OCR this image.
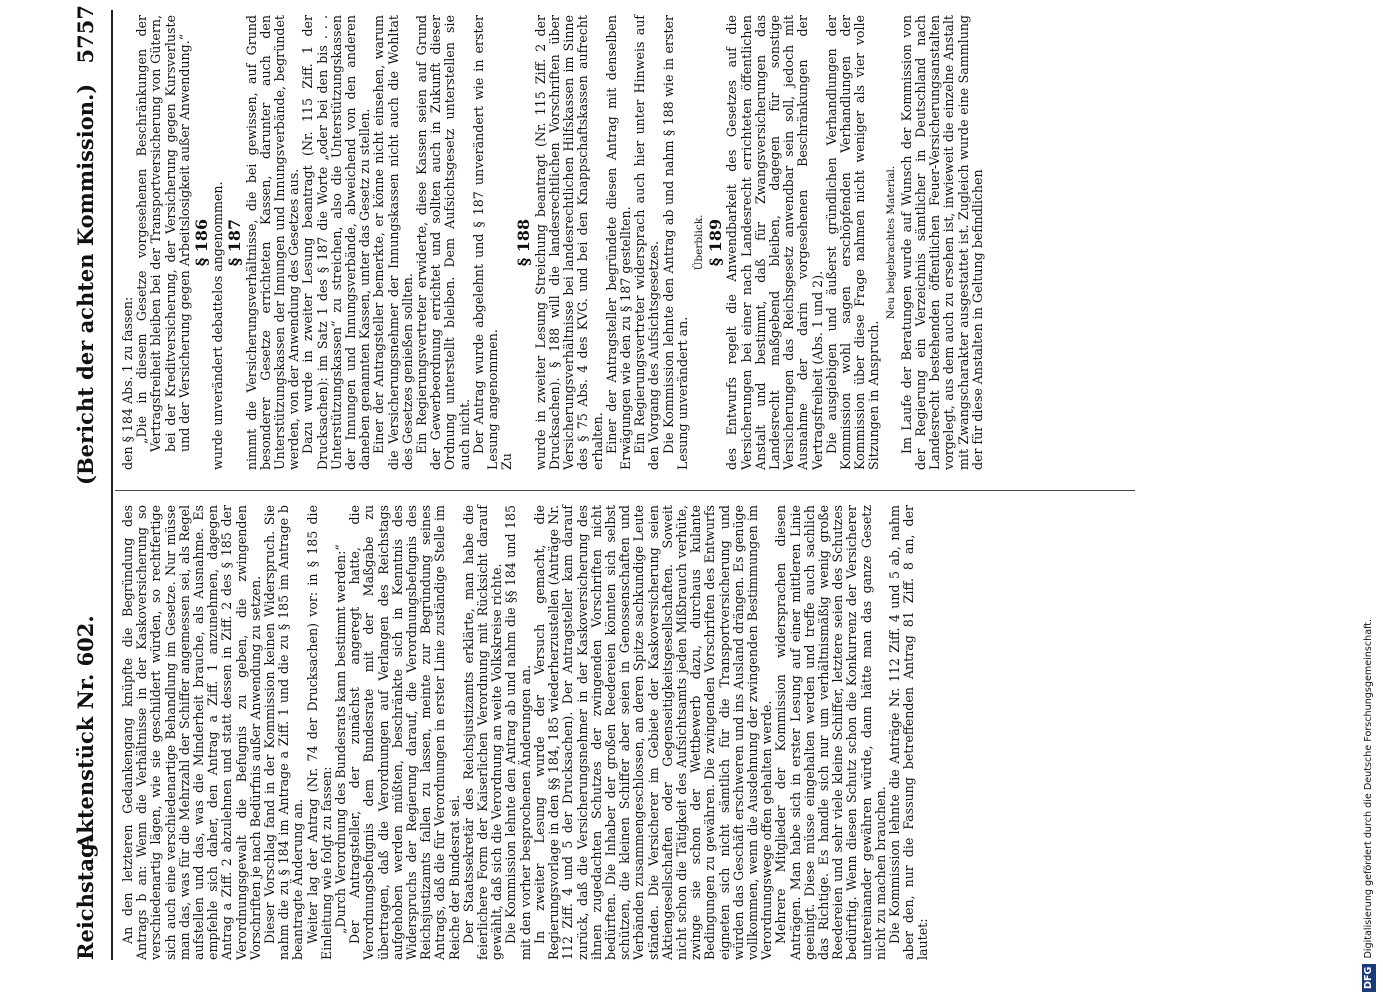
Reichstag.
Aktenstück Nr. 602.
(Bericht der achten Kommission.)
5757

An den letzteren Gedankengang knüpfte die Begründung des Antrags b an: Wenn die Verhältnisse in der Kaskoversicherung so verschiedenartig lägen, wie sie geschildert würden, so rechtfertige sich auch eine verschiedenartige Behandlung im Gesetze. Nur müsse man das, was für die Mehrzahl der Schiffer angemessen sei, als Regel aufstellen und das, was die Minderheit brauche, als Ausnahme. Es empfehle sich daher, den Antrag a Ziff. 1 anzunehmen, dagegen Antrag a Ziff. 2 abzulehnen und statt dessen in Ziff. 2 des § 185 der Verordnungsgewalt die Befugnis zu geben, die zwingenden Vorschriften je nach Bedürfnis außer Anwendung zu setzen. Dieser Vorschlag fand in der Kommission keinen Widerspruch. Sie nahm die zu § 184 im Antrage a Ziff. 1 und die zu § 185 im Antrage b beantragte Änderung an. Weiter lag der Antrag (Nr. 74 der Drucksachen) vor: in § 185 die Einleitung wie folgt zu fassen: „Durch Verordnung des Bundesrats kann bestimmt werden:“ Der Antragsteller, der zunächst angeregt hatte, die Verordnungsbefugnis dem Bundesrate mit der Maßgabe zu übertragen, daß die Verordnungen auf Verlangen des Reichstags aufgehoben werden müßten, beschränkte sich in Kenntnis des Widerspruchs der Regierung darauf, die Verordnungsbefugnis des Reichsjustizamts fallen zu lassen, meinte zur Begründung seines Antrags, daß die für Verordnungen in erster Linie zuständige Stelle im Reiche der Bundesrat sei. Der Staatssekretär des Reichsjustizamts erklärte, man habe die feierlichere Form der Kaiserlichen Verordnung mit Rücksicht darauf gewählt, daß sich die Verordnung an weite Volkskreise richte. Die Kommission lehnte den Antrag ab und nahm die §§ 184 und 185 mit den vorher besprochenen Änderungen an. In zweiter Lesung wurde der Versuch gemacht, die Regierungsvorlage in den §§ 184, 185 wiederherzustellen (Anträge Nr. 112 Ziff. 4 und 5 der Drucksachen). Der Antragsteller kam darauf zurück, daß die Versicherungsnehmer in der Kaskoversicherung des ihnen zugedachten Schutzes der zwingenden Vorschriften nicht bedürften. Die Inhaber der großen Reedereien könnten sich selbst schützen, die kleinen Schiffer aber seien in Genossenschaften und Verbänden zusammengeschlossen, an deren Spitze sachkundige Leute ständen. Die Versicherer im Gebiete der Kaskoversicherung seien Aktiengesellschaften oder Gegenseitigkeitsgesellschaften. Soweit nicht schon die Tätigkeit des Aufsichtsamts jeden Mißbrauch verhüte, zwinge sie schon der Wettbewerb dazu, durchaus kulante Bedingungen zu gewähren. Die zwingenden Vorschriften des Entwurfs eigneten sich nicht sämtlich für die Transportversicherung und würden das Geschäft erschweren und ins Ausland drängen. Es genüge vollkommen, wenn die Ausdehnung der zwingenden Bestimmungen im Verordnungswege offen gehalten werde. Mehrere Mitglieder der Kommission widersprachen diesen Anträgen. Man habe sich in erster Lesung auf einer mittleren Linie geeinigt. Diese müsse eingehalten werden und treffe auch sachlich das Richtige. Es handle sich nur um verhältnismäßig wenig große Reedereien und sehr viele kleine Schiffer, letztere seien des Schutzes bedürftig. Wenn diesen Schutz schon die Konkurrenz der Versicherer untereinander gewähren würde, dann hätte man das ganze Gesetz nicht zu machen brauchen. Die Kommission lehnte die Anträge Nr. 112 Ziff. 4 und 5 ab, nahm aber den, nur die Fassung betreffenden Antrag 81 Ziff. 8 an, der lautet:

den § 184 Abs. 1 zu fassen: „Die in diesem Gesetze vorgesehenen Beschränkungen der Vertragsfreiheit bleiben bei der Transportversicherung von Gütern, bei der Kreditversicherung, der Versicherung gegen Kursverluste und der Versicherung gegen Arbeitslosigkeit außer Anwendung.“ § 186 wurde unverändert debattelos angenommen. § 187 nimmt die Versicherungsverhältnisse, die bei gewissen, auf Grund besonderer Gesetze errichteten Kassen, darunter auch den Unterstützungskassen der Innungen und Innungsverbände, begründet werden, von der Anwendung des Gesetzes aus. Dazu wurde in zweiter Lesung beantragt (Nr. 115 Ziff. 1 der Drucksachen): im Satz 1 des § 187 die Worte „oder bei den bis . . . Unterstützungskassen“ zu streichen, also die Unterstützungskassen der Innungen und Innungsverbände, abweichend von den anderen daneben genannten Kassen, unter das Gesetz zu stellen. Einer der Antragsteller bemerkte, er könne nicht einsehen, warum die Versicherungsnehmer der Innungskassen nicht auch die Wohltat des Gesetzes genießen sollten. Ein Regierungsvertreter erwiderte, diese Kassen seien auf Grund der Gewerbeordnung errichtet und sollten auch in Zukunft dieser Ordnung unterstellt bleiben. Dem Aufsichtsgesetz unterstellen sie auch nicht. Der Antrag wurde abgelehnt und § 187 unverändert wie in erster Lesung angenommen. Zu

§ 188 wurde in zweiter Lesung Streichung beantragt (Nr. 115 Ziff. 2 der Drucksachen). § 188 will die landesrechtlichen Vorschriften über Versicherungsverhältnisse bei landesrechtlichen Hilfskassen im Sinne des § 75 Abs. 4 des KVG. und bei den Knappschaftskassen aufrecht erhalten. Einer der Antragsteller begründete diesen Antrag mit denselben Erwägungen wie den zu § 187 gestellten. Ein Regierungsvertreter widersprach auch hier unter Hinweis auf den Vorgang des Aufsichtsgesetzes. Die Kommission lehnte den Antrag ab und nahm § 188 wie in erster Lesung unverändert an.

Überblick. § 189 des Entwurfs regelt die Anwendbarkeit des Gesetzes auf die Versicherungen bei einer nach Landesrecht errichteten öffentlichen Anstalt und bestimmt, daß für Zwangsversicherungen das Landesrecht maßgebend bleiben, dagegen für sonstige Versicherungen das Reichsgesetz anwendbar sein soll, jedoch mit Ausnahme der darin vorgesehenen Beschränkungen der Vertragsfreiheit (Abs. 1 und 2). Die ausgiebigen und äußerst gründlichen Verhandlungen der Kommission wohl sagen erschöpfenden Verhandlungen der Kommission über diese Frage nahmen nicht weniger als vier volle Sitzungen in Anspruch.

Neu beigebrachtes Material. Im Laufe der Beratungen wurde auf Wunsch der Kommission von der Regierung ein Verzeichnis sämtlicher in Deutschland nach Landesrecht bestehenden öffentlichen Feuer-Versicherungsanstalten vorgelegt, aus dem auch zu ersehen ist, inwieweit die einzelne Anstalt mit Zwangscharakter ausgestattet ist. Zugleich wurde eine Sammlung der für diese Anstalten in Geltung befindlichen

DFG Digitalisierung gefördert durch die Deutsche Forschungsgemeinschaft.
